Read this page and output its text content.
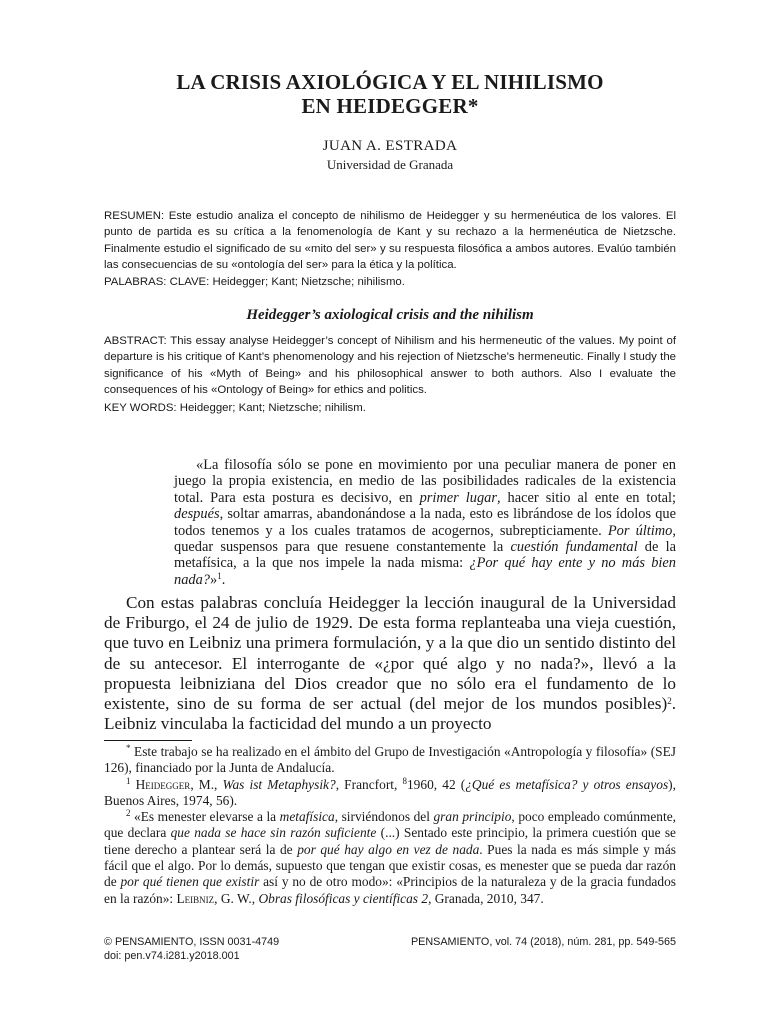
LA CRISIS AXIOLÓGICA Y EL NIHILISMO
EN HEIDEGGER*
JUAN A. ESTRADA
Universidad de Granada
RESUMEN: Este estudio analiza el concepto de nihilismo de Heidegger y su hermenéutica de los valores. El punto de partida es su crítica a la fenomenología de Kant y su rechazo a la hermenéutica de Nietzsche. Finalmente estudio el significado de su «mito del ser» y su respuesta filosófica a ambos autores. Evalúo también las consecuencias de su «ontología del ser» para la ética y la política.
PALABRAS: CLAVE: Heidegger; Kant; Nietzsche; nihilismo.
Heidegger’s axiological crisis and the nihilism
ABSTRACT: This essay analyse Heidegger’s concept of Nihilism and his hermeneutic of the values. My point of departure is his critique of Kant’s phenomenology and his rejection of Nietzsche’s hermeneutic. Finally I study the significance of his «Myth of Being» and his philosophical answer to both authors. Also I evaluate the consequences of his «Ontology of Being» for ethics and politics.
KEY WORDS: Heidegger; Kant; Nietzsche; nihilism.

«La filosofía sólo se pone en movimiento por una peculiar manera de poner en juego la propia existencia, en medio de las posibilidades radicales de la existencia total. Para esta postura es decisivo, en primer lugar, hacer sitio al ente en total; después, soltar amarras, abandonándose a la nada, esto es librándose de los ídolos que todos tenemos y a los cuales tratamos de acogernos, subrepticiamente. Por último, quedar suspensos para que resuene constantemente la cuestión fundamental de la metafísica, a la que nos impele la nada misma: ¿Por qué hay ente y no más bien nada?»$^1$.

Con estas palabras concluía Heidegger la lección inaugural de la Universidad de Friburgo, el 24 de julio de 1929. De esta forma replanteaba una vieja cuestión, que tuvo en Leibniz una primera formulación, y a la que dio un sentido distinto del de su antecesor. El interrogante de «¿por qué algo y no nada?», llevó a la propuesta leibniziana del Dios creador que no sólo era el fundamento de lo existente, sino de su forma de ser actual (del mejor de los mundos posibles)$^2$. Leibniz vinculaba la facticidad del mundo a un proyecto

* Este trabajo se ha realizado en el ámbito del Grupo de Investigación «Antropología y filosofía» (SEJ 126), financiado por la Junta de Andalucía.

$^1$ Heidegger, M., Was ist Metaphysik?, Francfort, $^8$1960, 42 (¿Qué es metafísica? y otros ensayos), Buenos Aires, 1974, 56).

$^2$ «Es menester elevarse a la metafísica, sirviéndonos del gran principio, poco empleado comúnmente, que declara que nada se hace sin razón suficiente (...) Sentado este principio, la primera cuestión que se tiene derecho a plantear será la de por qué hay algo en vez de nada. Pues la nada es más simple y más fácil que el algo. Por lo demás, supuesto que tengan que existir cosas, es menester que se pueda dar razón de por qué tienen que existir así y no de otro modo»: «Principios de la naturaleza y de la gracia fundados en la razón»: Leibniz, G. W., Obras filosóficas y científicas 2, Granada, 2010, 347.

© PENSAMIENTO, ISSN 0031-4749
doi: pen.v74.i281.y2018.001
PENSAMIENTO, vol. 74 (2018), núm. 281, pp. 549-565
